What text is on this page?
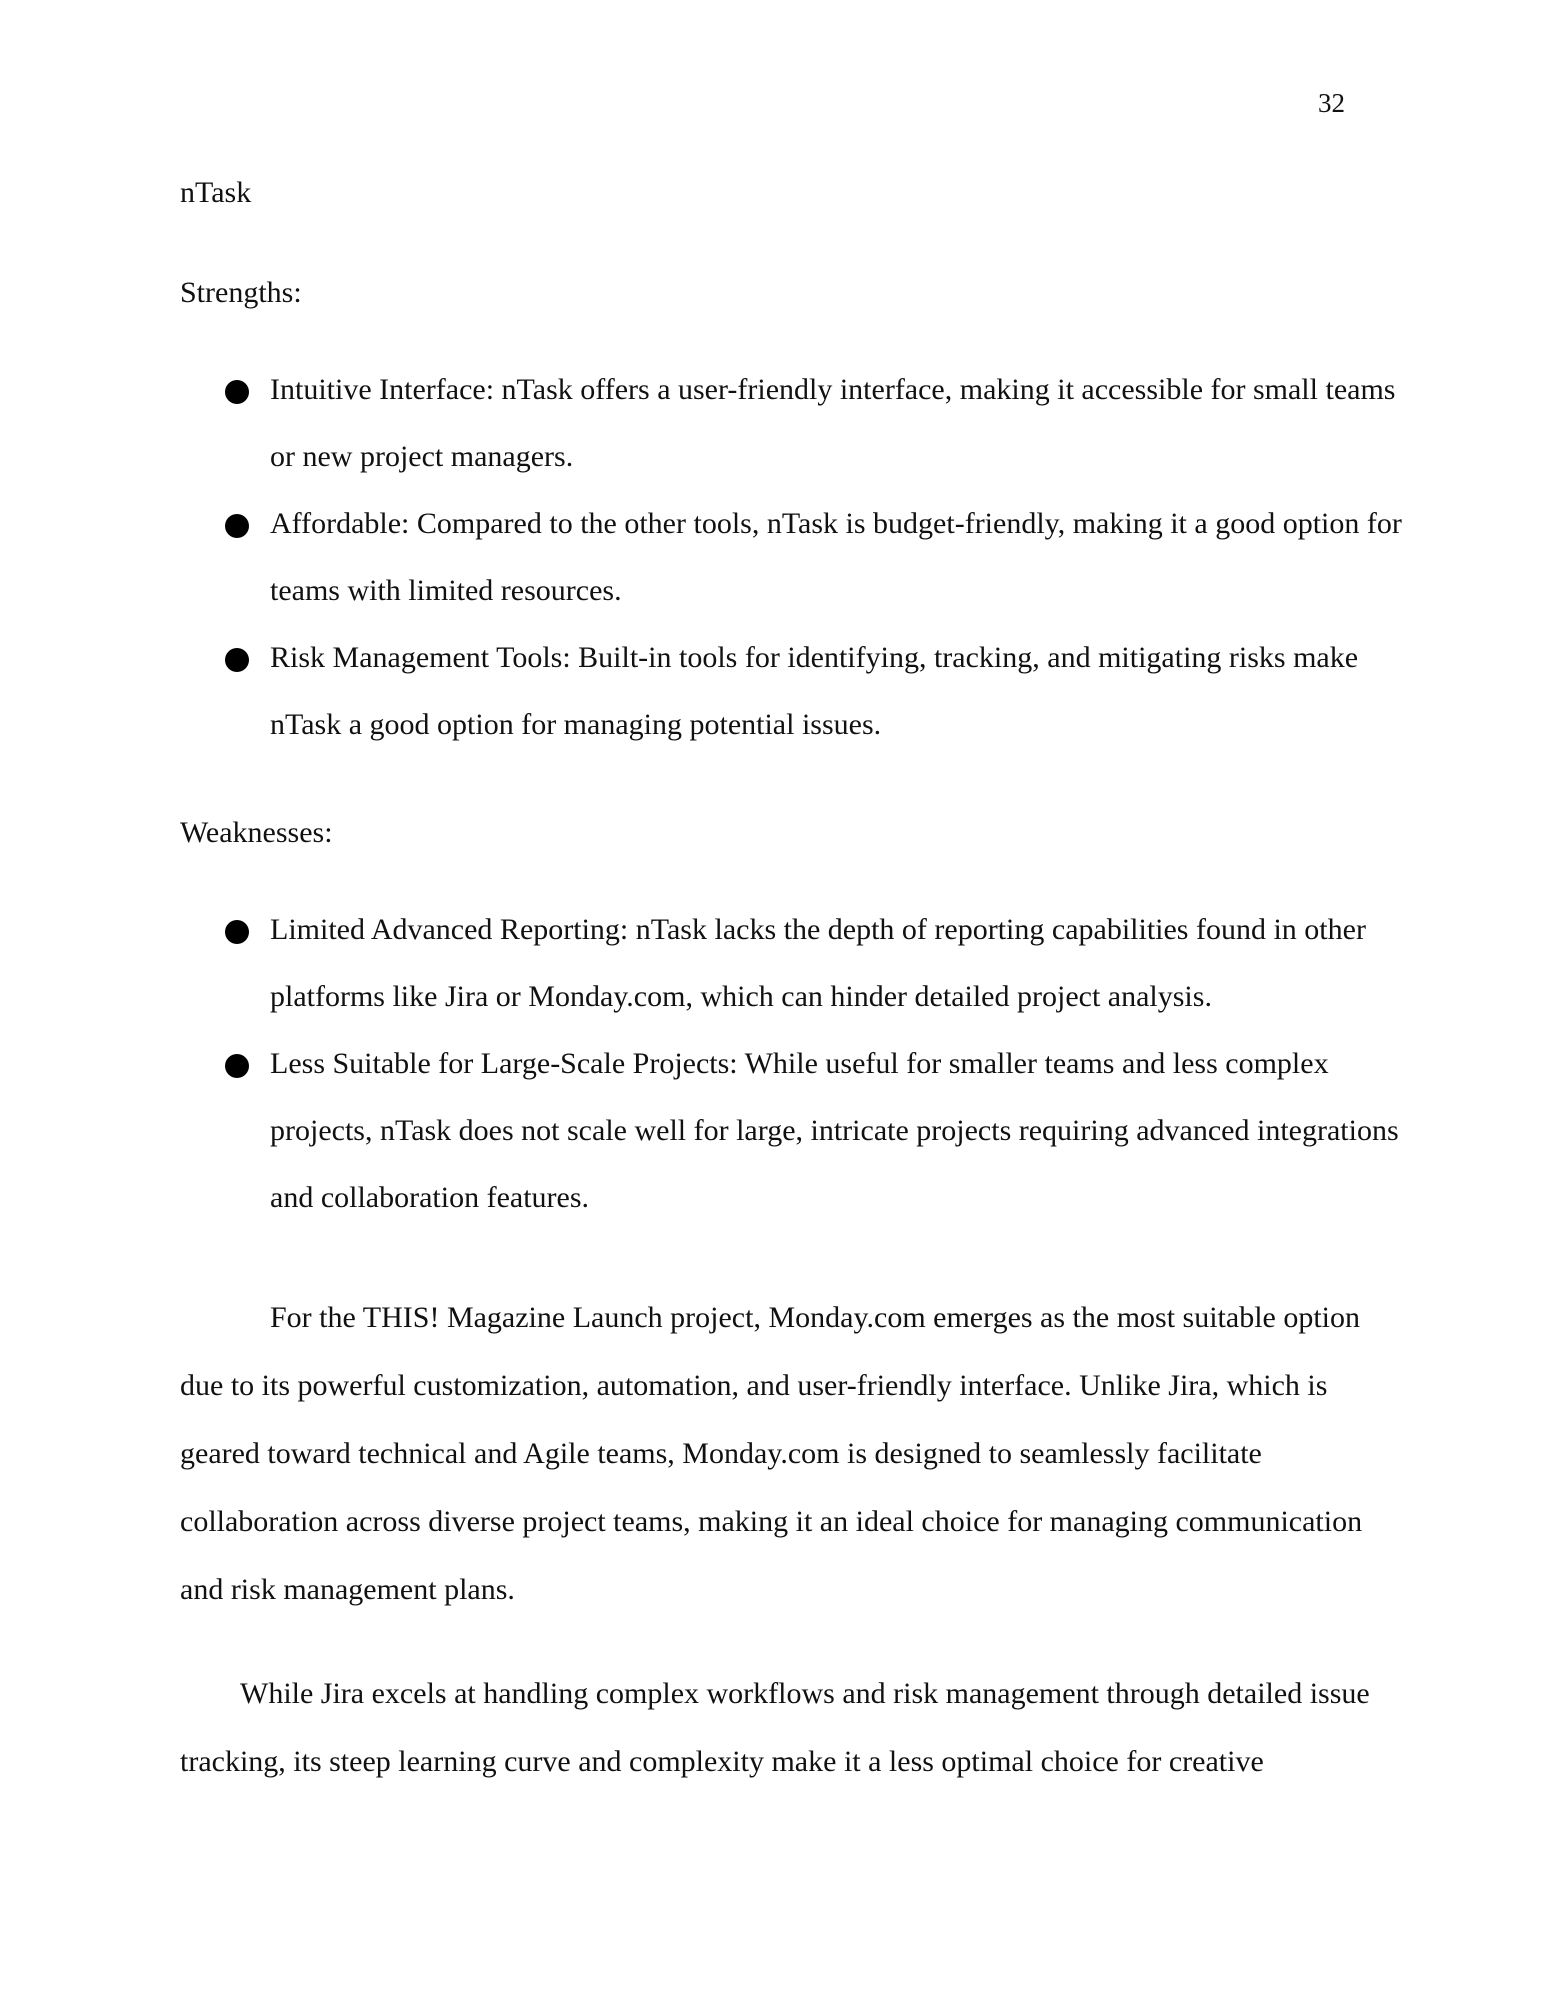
32
nTask
Strengths:
Intuitive Interface: nTask offers a user-friendly interface, making it accessible for small teams or new project managers.
Affordable: Compared to the other tools, nTask is budget-friendly, making it a good option for teams with limited resources.
Risk Management Tools: Built-in tools for identifying, tracking, and mitigating risks make nTask a good option for managing potential issues.
Weaknesses:
Limited Advanced Reporting: nTask lacks the depth of reporting capabilities found in other platforms like Jira or Monday.com, which can hinder detailed project analysis.
Less Suitable for Large-Scale Projects: While useful for smaller teams and less complex projects, nTask does not scale well for large, intricate projects requiring advanced integrations and collaboration features.

For the THIS! Magazine Launch project, Monday.com emerges as the most suitable option due to its powerful customization, automation, and user-friendly interface. Unlike Jira, which is geared toward technical and Agile teams, Monday.com is designed to seamlessly facilitate collaboration across diverse project teams, making it an ideal choice for managing communication and risk management plans.

While Jira excels at handling complex workflows and risk management through detailed issue tracking, its steep learning curve and complexity make it a less optimal choice for creative
